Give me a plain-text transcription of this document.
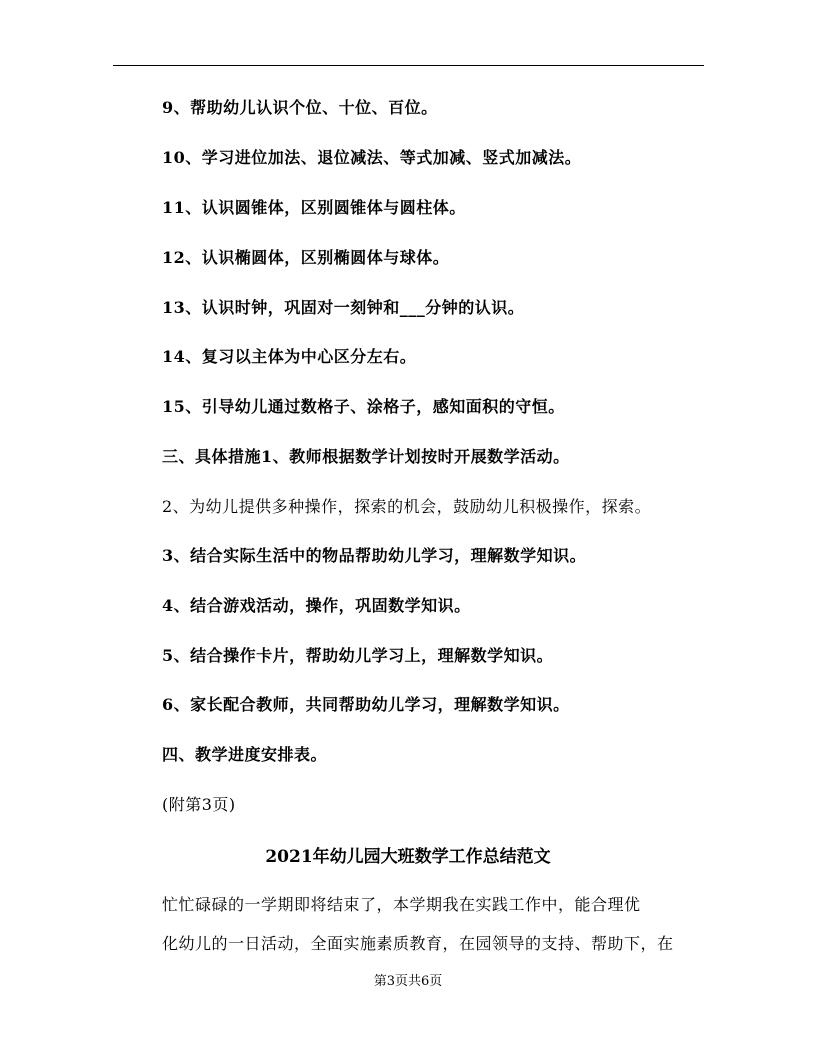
9、帮助幼儿认识个位、十位、百位。
10、学习进位加法、退位减法、等式加减、竖式加减法。
11、认识圆锥体，区别圆锥体与圆柱体。
12、认识椭圆体，区别椭圆体与球体。
13、认识时钟，巩固对一刻钟和___分钟的认识。
14、复习以主体为中心区分左右。
15、引导幼儿通过数格子、涂格子，感知面积的守恒。
三、具体措施1、教师根据数学计划按时开展数学活动。
2、为幼儿提供多种操作，探索的机会，鼓励幼儿积极操作，探索。
3、结合实际生活中的物品帮助幼儿学习，理解数学知识。
4、结合游戏活动，操作，巩固数学知识。
5、结合操作卡片，帮助幼儿学习上，理解数学知识。
6、家长配合教师，共同帮助幼儿学习，理解数学知识。
四、教学进度安排表。
(附第3页)
2021年幼儿园大班数学工作总结范文
忙忙碌碌的一学期即将结束了，本学期我在实践工作中，能合理优
化幼儿的一日活动，全面实施素质教育，在园领导的支持、帮助下，在
第3页共6页
